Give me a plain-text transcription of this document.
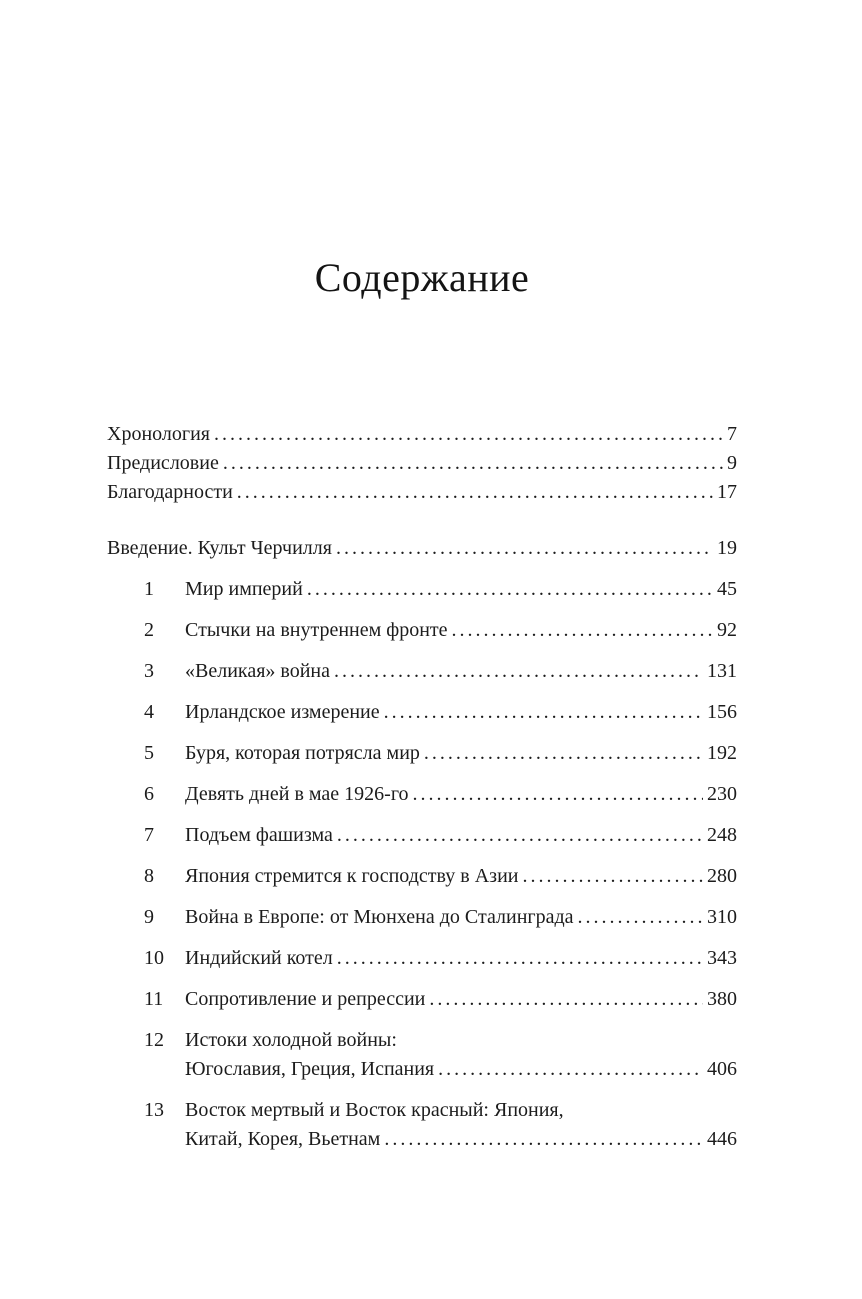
Содержание
Хронология .....	7
Предисловие .....	9
Благодарности .....	17
Введение. Культ Черчилля .....	19
1	Мир империй .....	45
2	Стычки на внутреннем фронте .....	92
3	«Великая» война .....	131
4	Ирландское измерение .....	156
5	Буря, которая потрясла мир .....	192
6	Девять дней в мае 1926-го .....	230
7	Подъем фашизма .....	248
8	Япония стремится к господству в Азии .....	280
9	Война в Европе: от Мюнхена до Сталинграда .....	310
10	Индийский котел .....	343
11	Сопротивление и репрессии .....	380
12	Истоки холодной войны:
Югославия, Греция, Испания .....	406
13	Восток мертвый и Восток красный: Япония,
Китай, Корея, Вьетнам .....	446
